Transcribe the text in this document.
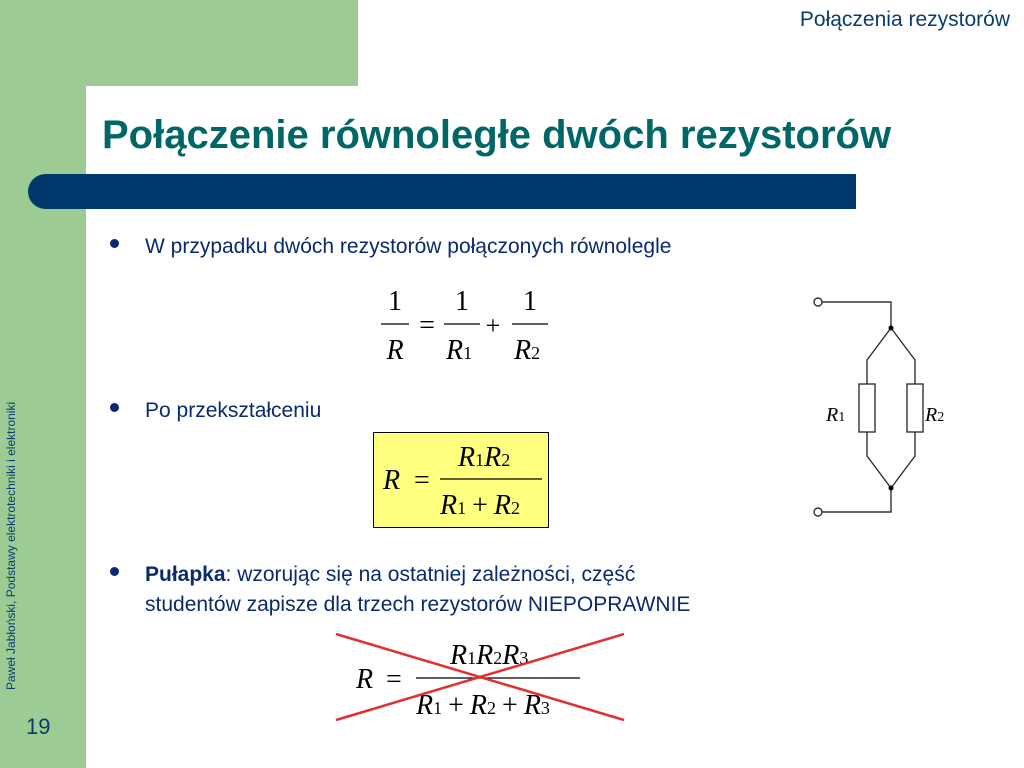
Połączenia rezystorów
Połączenie równoległe dwóch rezystorów
Paweł Jabłoński, Podstawy elektrotechniki i elektroniki
19
W przypadku dwóch rezystorów połączonych równolegle
1
R
=
1
R1
+
1
R2
Po przekształceniu
R =
R1R2
R1 + R2
R1	R2
Pułapka: wzorując się na ostatniej zależności, część
studentów zapisze dla trzech rezystorów NIEPOPRAWNIE
R =
R1R2R3
R1 + R2 + R3
